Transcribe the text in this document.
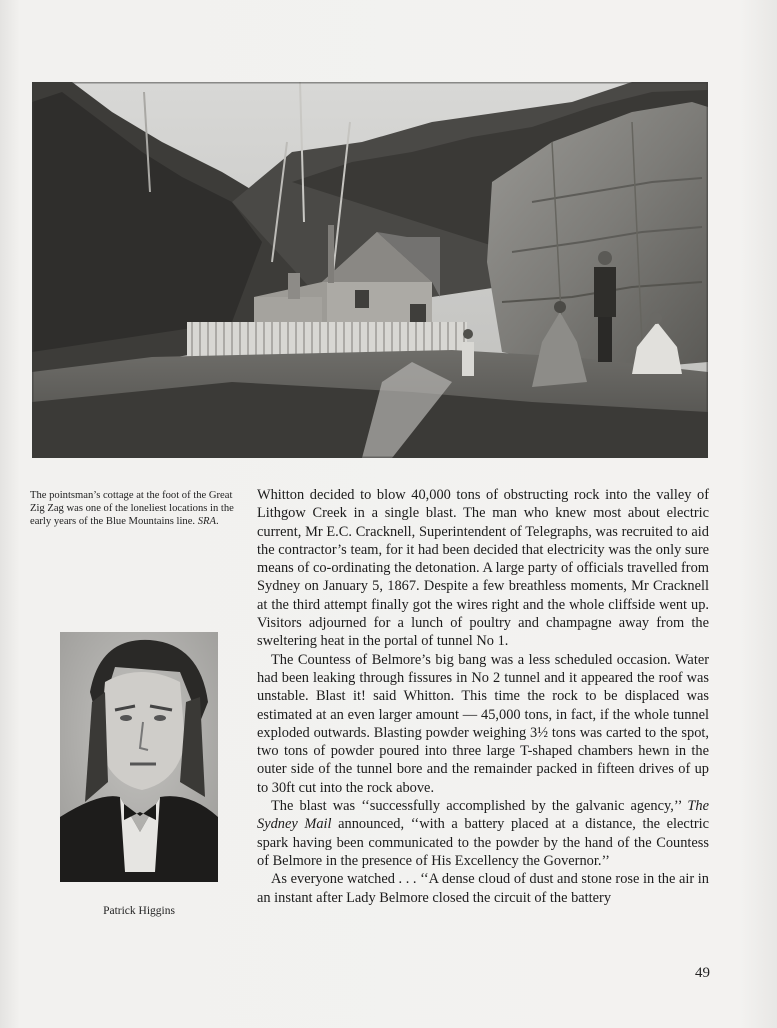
The pointsman’s cottage at the foot of the Great Zig Zag was one of the loneliest locations in the early years of the Blue Mountains line. SRA.
Patrick Higgins

Whitton decided to blow 40,000 tons of obstructing rock into the valley of Lithgow Creek in a single blast. The man who knew most about electric current, Mr E.C. Cracknell, Superintendent of Telegraphs, was recruited to aid the contractor’s team, for it had been decided that electricity was the only sure means of co-ordinating the detonation. A large party of officials travelled from Sydney on January 5, 1867. Despite a few breathless moments, Mr Cracknell at the third attempt finally got the wires right and the whole cliffside went up. Visitors adjourned for a lunch of poultry and champagne away from the sweltering heat in the portal of tunnel No 1.

The Countess of Belmore’s big bang was a less scheduled occasion. Water had been leaking through fissures in No 2 tunnel and it appeared the roof was unstable. Blast it! said Whitton. This time the rock to be displaced was estimated at an even larger amount — 45,000 tons, in fact, if the whole tunnel exploded outwards. Blasting powder weighing 3½ tons was carted to the spot, two tons of powder poured into three large T-shaped chambers hewn in the outer side of the tunnel bore and the remainder packed in fifteen drives of up to 30ft cut into the rock above.

The blast was ‘‘successfully accomplished by the galvanic agency,’’ The Sydney Mail announced, ‘‘with a battery placed at a distance, the electric spark having been communicated to the powder by the hand of the Countess of Belmore in the presence of His Excellency the Governor.’’

As everyone watched . . . ‘‘A dense cloud of dust and stone rose in the air in an instant after Lady Belmore closed the circuit of the battery

49
